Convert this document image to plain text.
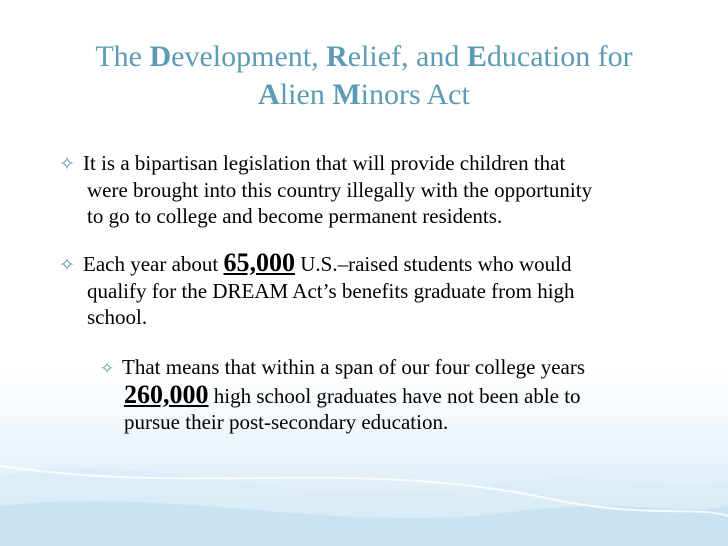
The Development, Relief, and Education for
Alien Minors Act
✧ It is a bipartisan legislation that will provide children that
were brought into this country illegally with the opportunity
to go to college and become permanent residents.
✧ Each year about 65,000 U.S.–raised students who would
qualify for the DREAM Act’s benefits graduate from high
school.
✧ That means that within a span of our four college years
260,000 high school graduates have not been able to
pursue their post-secondary education.
